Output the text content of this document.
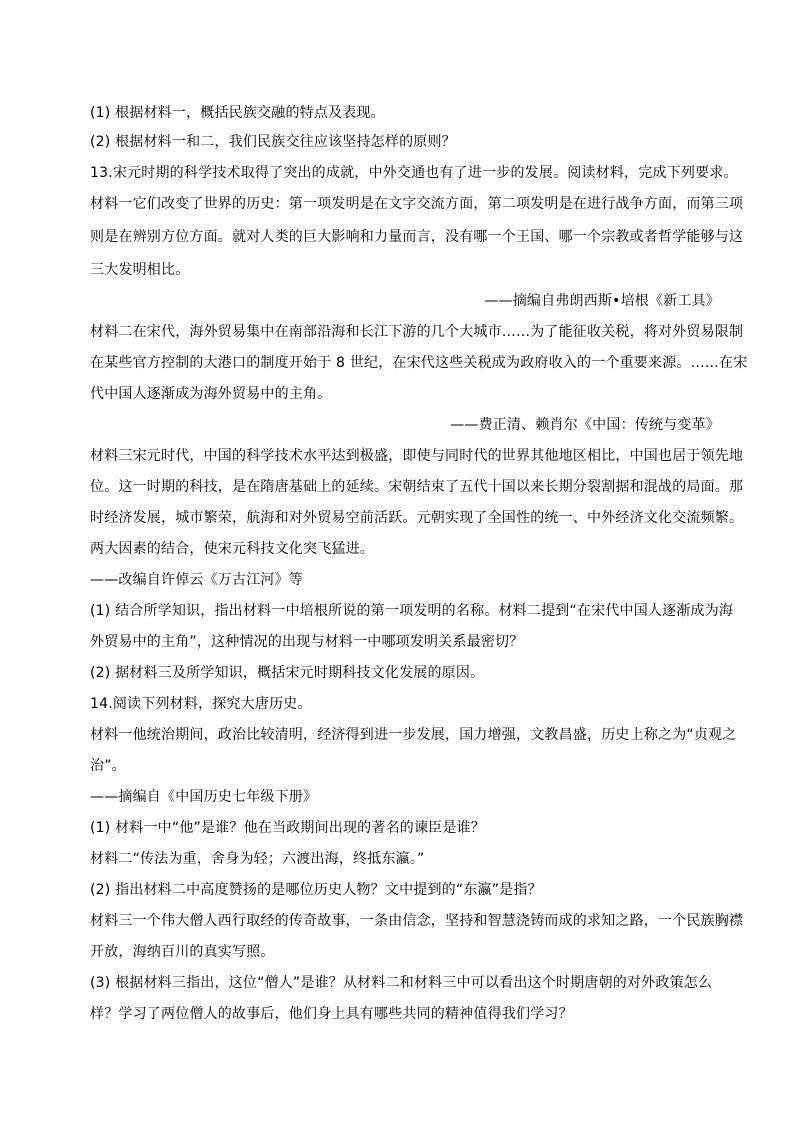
(1) 根据材料一，概括民族交融的特点及表现。
(2) 根据材料一和二，我们民族交往应该坚持怎样的原则？
13.宋元时期的科学技术取得了突出的成就，中外交通也有了进一步的发展。阅读材料，完成下列要求。
材料一它们改变了世界的历史：第一项发明是在文字交流方面，第二项发明是在进行战争方面，而第三项
则是在辨别方位方面。就对人类的巨大影响和力量而言，没有哪一个王国、哪一个宗教或者哲学能够与这
三大发明相比。
——摘编自弗朗西斯•培根《新工具》
材料二在宋代，海外贸易集中在南部沿海和长江下游的几个大城市……为了能征收关税，将对外贸易限制
在某些官方控制的大港口的制度开始于 8 世纪，在宋代这些关税成为政府收入的一个重要来源。……在宋
代中国人逐渐成为海外贸易中的主角。
——费正清、赖肖尔《中国：传统与变革》
材料三宋元时代，中国的科学技术水平达到极盛，即使与同时代的世界其他地区相比，中国也居于领先地
位。这一时期的科技，是在隋唐基础上的延续。宋朝结束了五代十国以来长期分裂割据和混战的局面。那
时经济发展，城市繁荣，航海和对外贸易空前活跃。元朝实现了全国性的统一、中外经济文化交流频繁。
两大因素的结合，使宋元科技文化突飞猛进。
——改编自许倬云《万古江河》等
(1) 结合所学知识，指出材料一中培根所说的第一项发明的名称。材料二提到“在宋代中国人逐渐成为海
外贸易中的主角”，这种情况的出现与材料一中哪项发明关系最密切？
(2) 据材料三及所学知识，概括宋元时期科技文化发展的原因。
14.阅读下列材料，探究大唐历史。
材料一他统治期间，政治比较清明，经济得到进一步发展，国力增强，文教昌盛，历史上称之为“贞观之
治”。
——摘编自《中国历史七年级下册》
(1) 材料一中“他”是谁？他在当政期间出现的著名的谏臣是谁？
材料二“传法为重，舍身为轻；六渡出海，终抵东瀛。”
(2) 指出材料二中高度赞扬的是哪位历史人物？文中提到的“东瀛”是指？
材料三一个伟大僧人西行取经的传奇故事，一条由信念，坚持和智慧浇铸而成的求知之路，一个民族胸襟
开放，海纳百川的真实写照。
(3) 根据材料三指出，这位“僧人”是谁？从材料二和材料三中可以看出这个时期唐朝的对外政策怎么
样？学习了两位僧人的故事后，他们身上具有哪些共同的精神值得我们学习？
